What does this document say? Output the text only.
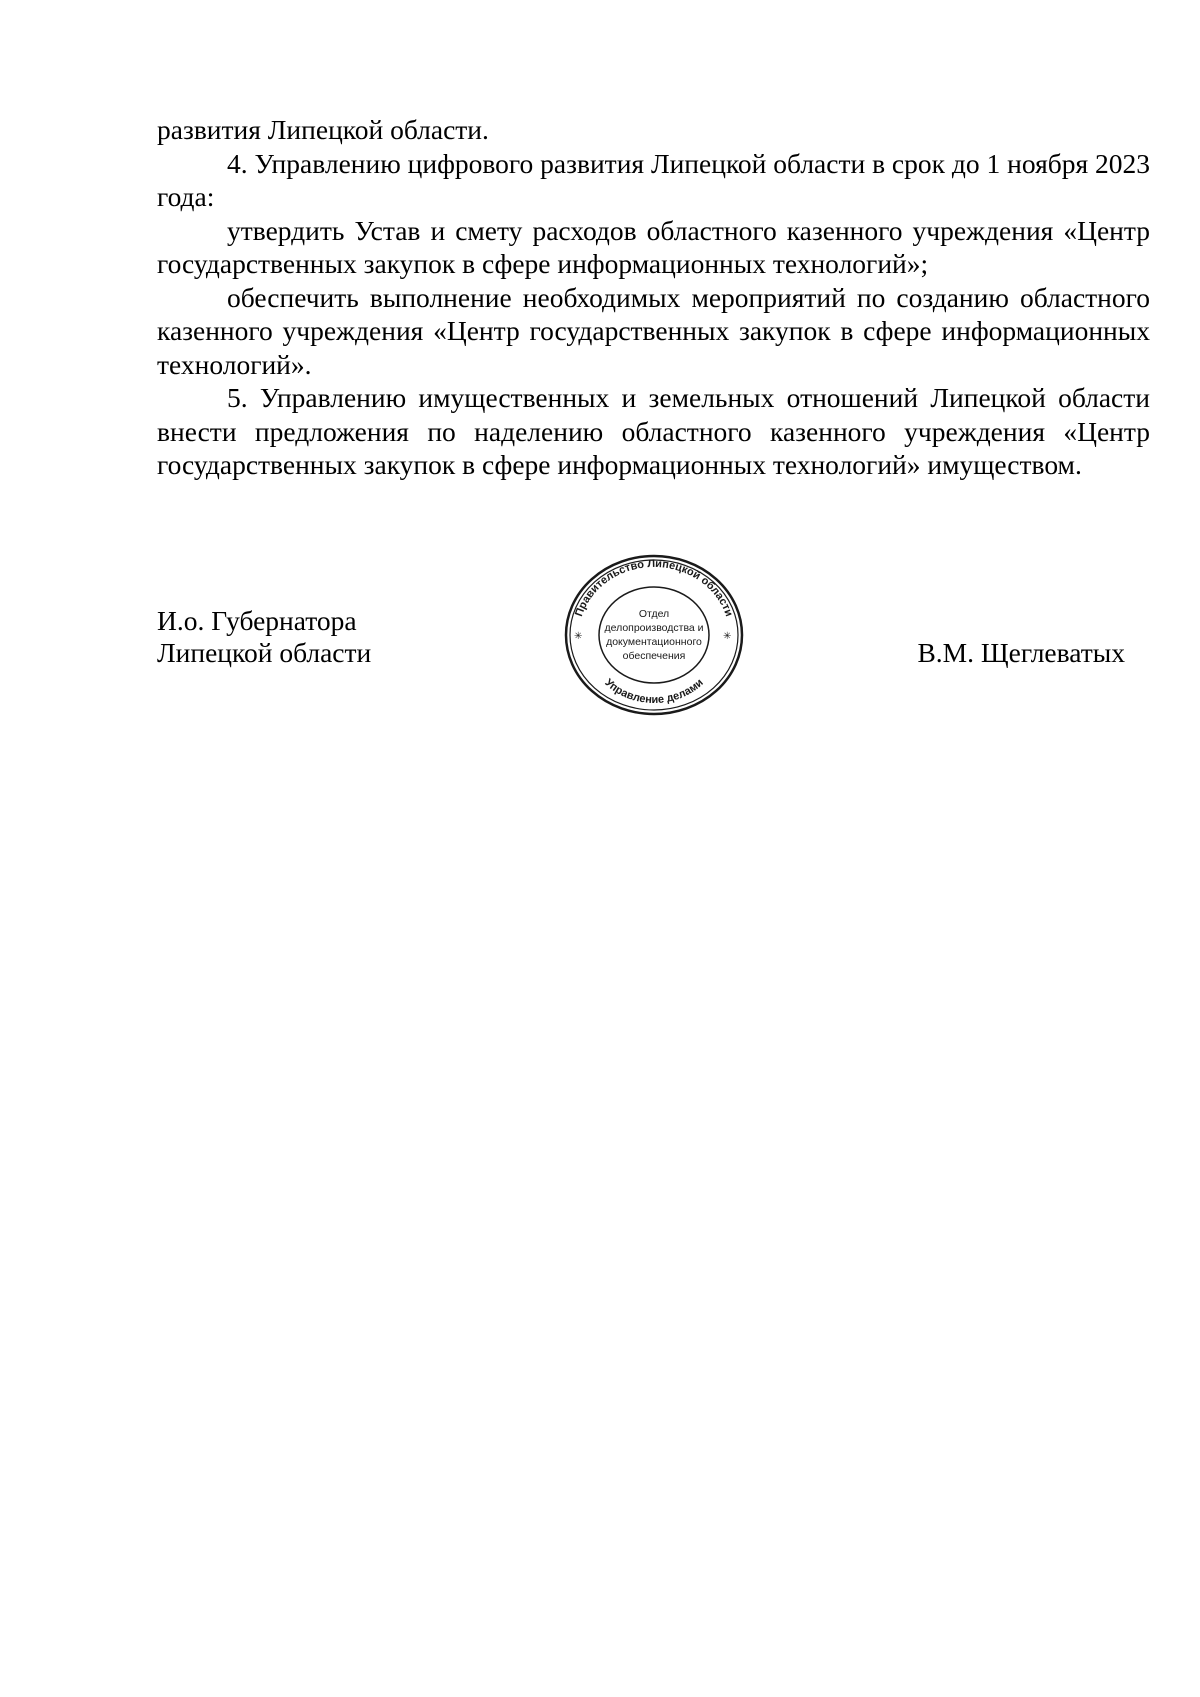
развития Липецкой области.

4. Управлению цифрового развития Липецкой области в срок до 1 ноября 2023 года:

утвердить Устав и смету расходов областного казенного учреждения «Центр государственных закупок в сфере информационных технологий»;

обеспечить выполнение необходимых мероприятий по созданию областного казенного учреждения «Центр государственных закупок в сфере информационных технологий».

5. Управлению имущественных и земельных отношений Липецкой области внести предложения по наделению областного казенного учреждения «Центр государственных закупок в сфере информационных технологий» имуществом.

И.о. Губернатора
Липецкой области	В.М. Щеглеватых
Правительство Липецкой области
Управление делами
✳	✳
Отдел
делопроизводства и
документационного
обеспечения
